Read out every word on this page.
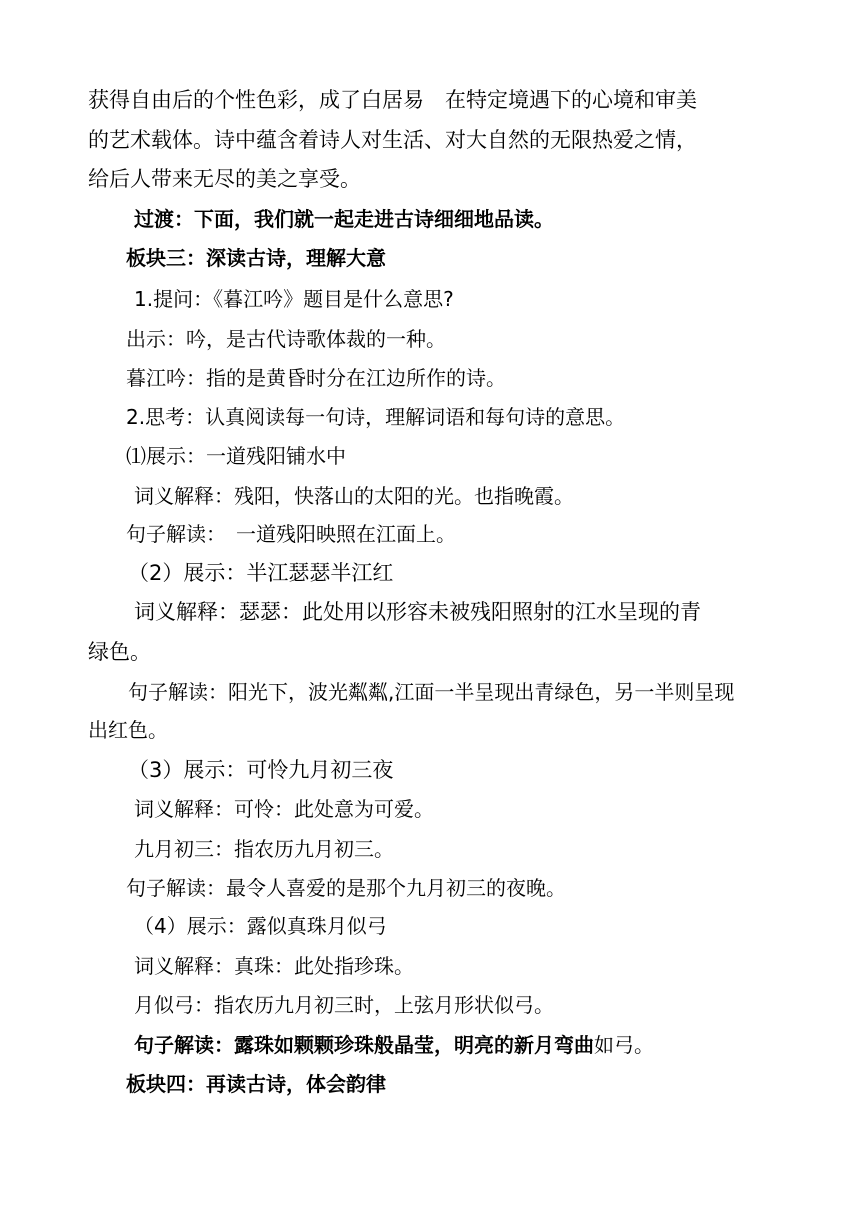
获得自由后的个性色彩，成了白居易　在特定境遇下的心境和审美
的艺术载体。诗中蕴含着诗人对生活、对大自然的无限热爱之情，
给后人带来无尽的美之享受。
过渡：下面，我们就一起走进古诗细细地品读。
板块三：深读古诗，理解大意
1.提问：《暮江吟》题目是什么意思?
出示：吟，是古代诗歌体裁的一种。
暮江吟：指的是黄昏时分在江边所作的诗。
2.思考：认真阅读每一句诗，理解词语和每句诗的意思。
⑴展示：一道残阳铺水中
词义解释：残阳，快落山的太阳的光。也指晚霞。
句子解读：　一道残阳映照在江面上。
（2）展示：半江瑟瑟半江红
词义解释：瑟瑟：此处用以形容未被残阳照射的江水呈现的青
绿色。
句子解读：阳光下，波光粼粼,江面一半呈现出青绿色，另一半则呈现
出红色。
（3）展示：可怜九月初三夜
词义解释：可怜：此处意为可爱。
九月初三：指农历九月初三。
句子解读：最令人喜爱的是那个九月初三的夜晚。
（4）展示：露似真珠月似弓
词义解释：真珠：此处指珍珠。
月似弓：指农历九月初三时，上弦月形状似弓。
句子解读：露珠如颗颗珍珠般晶莹，明亮的新月弯曲如弓。
板块四：再读古诗，体会韵律
